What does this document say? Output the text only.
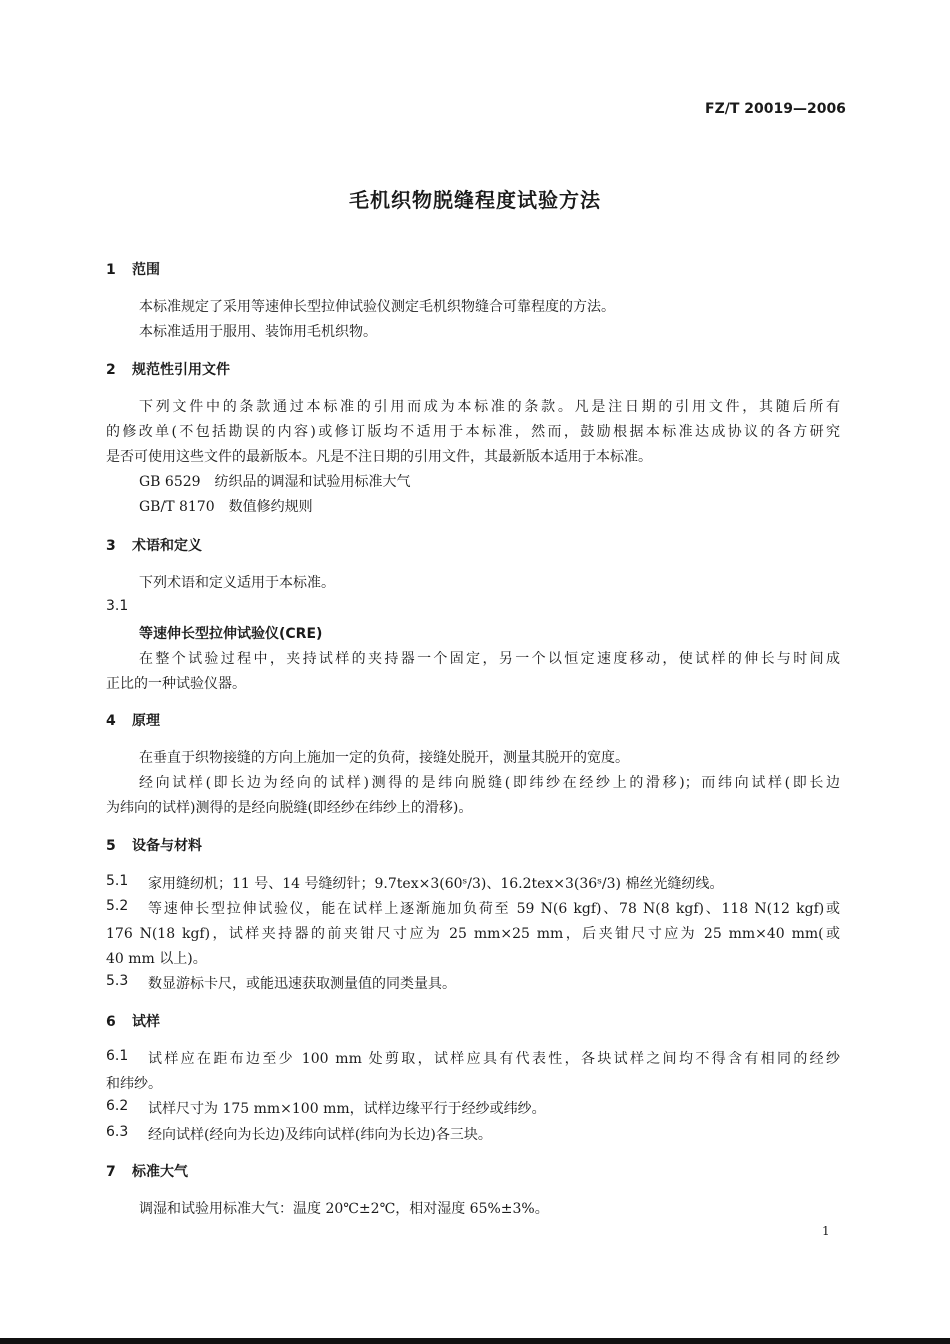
FZ/T 20019—2006
毛机织物脱缝程度试验方法
1 范围
本标准规定了采用等速伸长型拉伸试验仪测定毛机织物缝合可靠程度的方法。
本标准适用于服用、装饰用毛机织物。
2 规范性引用文件
下列文件中的条款通过本标准的引用而成为本标准的条款。凡是注日期的引用文件，其随后所有
的修改单(不包括勘误的内容)或修订版均不适用于本标准，然而，鼓励根据本标准达成协议的各方研究
是否可使用这些文件的最新版本。凡是不注日期的引用文件，其最新版本适用于本标准。
GB 6529　纺织品的调湿和试验用标准大气
GB/T 8170　数值修约规则
3 术语和定义
下列术语和定义适用于本标准。
3.1
等速伸长型拉伸试验仪(CRE)
在整个试验过程中，夹持试样的夹持器一个固定，另一个以恒定速度移动，使试样的伸长与时间成
正比的一种试验仪器。
4 原理
在垂直于织物接缝的方向上施加一定的负荷，接缝处脱开，测量其脱开的宽度。
经向试样(即长边为经向的试样)测得的是纬向脱缝(即纬纱在经纱上的滑移)；而纬向试样(即长边
为纬向的试样)测得的是经向脱缝(即经纱在纬纱上的滑移)。
5 设备与材料
5.1 家用缝纫机；11 号、14 号缝纫针；9.7tex×3(60ˢ/3)、16.2tex×3(36ˢ/3) 棉丝光缝纫线。
5.2 等速伸长型拉伸试验仪，能在试样上逐渐施加负荷至 59 N(6 kgf)、78 N(8 kgf)、118 N(12 kgf)或
176 N(18 kgf)，试样夹持器的前夹钳尺寸应为 25 mm×25 mm，后夹钳尺寸应为 25 mm×40 mm(或
40 mm 以上)。
5.3 数显游标卡尺，或能迅速获取测量值的同类量具。
6 试样
6.1 试样应在距布边至少 100 mm 处剪取，试样应具有代表性，各块试样之间均不得含有相同的经纱
和纬纱。
6.2 试样尺寸为 175 mm×100 mm，试样边缘平行于经纱或纬纱。
6.3 经向试样(经向为长边)及纬向试样(纬向为长边)各三块。
7 标准大气
调湿和试验用标准大气：温度 20℃±2℃，相对湿度 65%±3%。
1
